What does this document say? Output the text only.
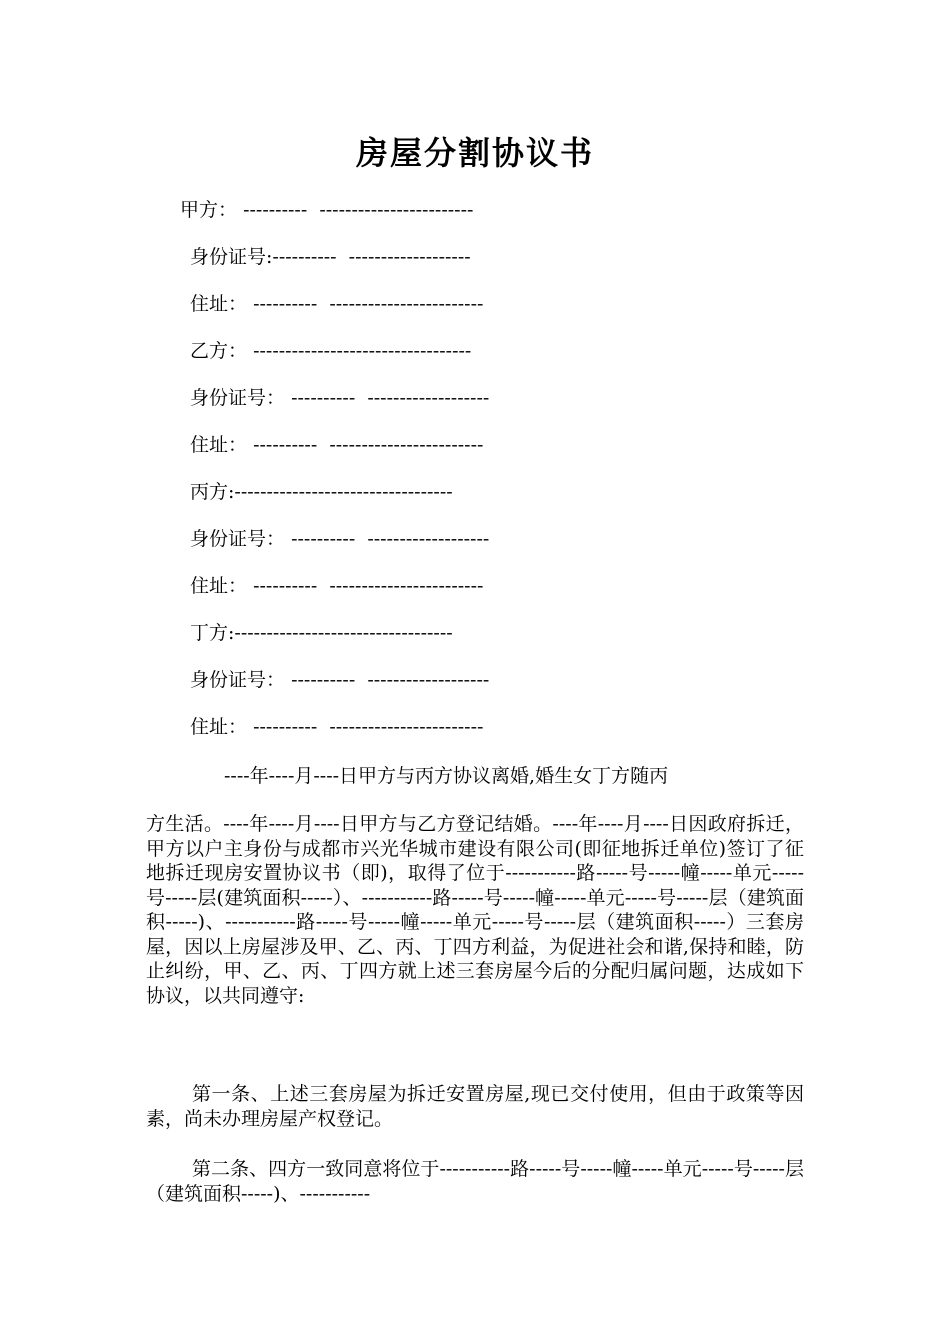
房屋分割协议书
甲方： ----------  ------------------------
身份证号:----------  -------------------
住址： ----------  ------------------------
乙方： ----------------------------------
身份证号： ----------  -------------------
住址： ----------  ------------------------
丙方:----------------------------------
身份证号： ----------  -------------------
住址： ----------  ------------------------
丁方:----------------------------------
身份证号： ----------  -------------------
住址： ----------  ------------------------
----年----月----日甲方与丙方协议离婚,婚生女丁方随丙

方生活。----年----月----日甲方与乙方登记结婚。----年----月----日因政府拆迁，甲方以户主身份与成都市兴光华城市建设有限公司(即征地拆迁单位)签订了征地拆迁现房安置协议书（即)，取得了位于-----------路-----号-----幢-----单元-----号-----层(建筑面积-----）、-----------路-----号-----幢-----单元-----号-----层（建筑面积-----)、-----------路-----号-----幢-----单元-----号-----层（建筑面积-----）三套房屋，因以上房屋涉及甲、乙、丙、丁四方利益，为促进社会和谐,保持和睦，防止纠纷，甲、乙、丙、丁四方就上述三套房屋今后的分配归属问题，达成如下协议，以共同遵守:

第一条、上述三套房屋为拆迁安置房屋,现已交付使用，但由于政策等因素，尚未办理房屋产权登记。

第二条、四方一致同意将位于-----------路-----号-----幢-----单元-----号-----层（建筑面积-----)、-----------
